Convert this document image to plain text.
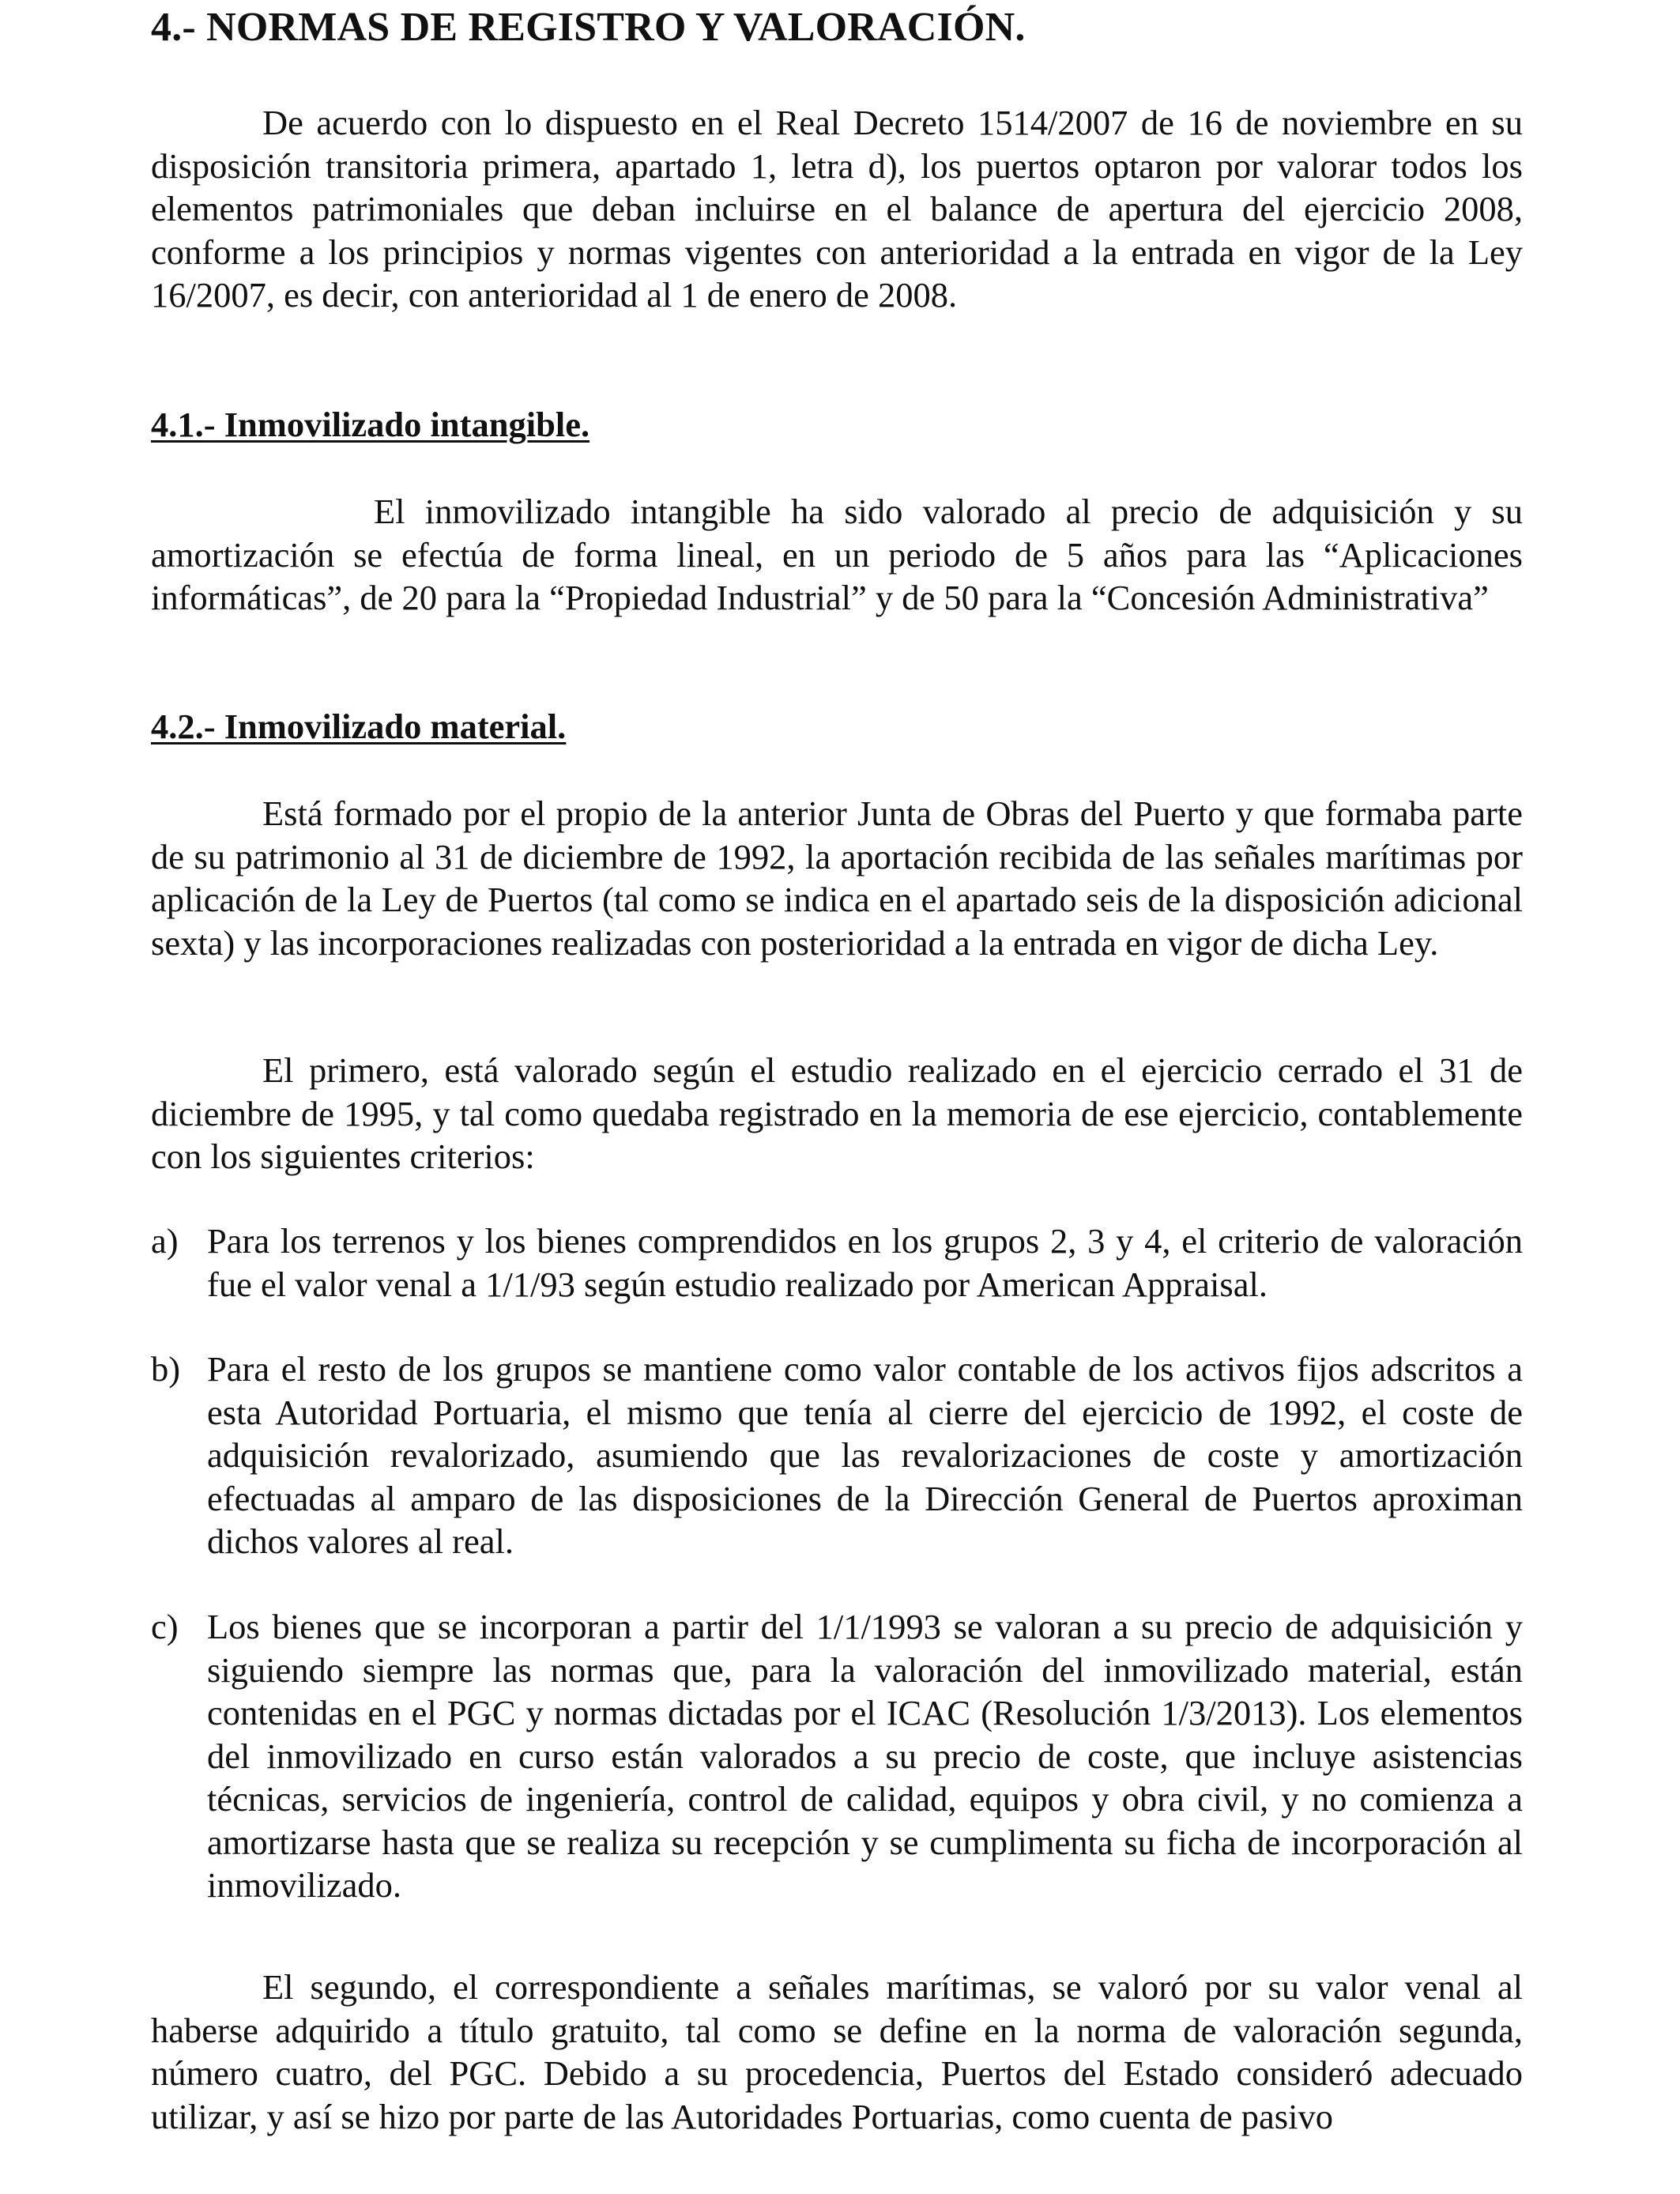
4.- NORMAS DE REGISTRO Y VALORACIÓN.

De acuerdo con lo dispuesto en el Real Decreto 1514/2007 de 16 de noviembre en su disposición transitoria primera, apartado 1, letra d), los puertos optaron por valorar todos los elementos patrimoniales que deban incluirse en el balance de apertura del ejercicio 2008, conforme a los principios y normas vigentes con anterioridad a la entrada en vigor de la Ley 16/2007, es decir, con anterioridad al 1 de enero de 2008.

4.1.- Inmovilizado intangible.

El inmovilizado intangible ha sido valorado al precio de adquisición y su amortización se efectúa de forma lineal, en un periodo de 5 años para las “Aplicaciones informáticas”, de 20 para la “Propiedad Industrial” y de 50 para la “Concesión Administrativa”

4.2.- Inmovilizado material.

Está formado por el propio de la anterior Junta de Obras del Puerto y que formaba parte de su patrimonio al 31 de diciembre de 1992, la aportación recibida de las señales marítimas por aplicación de la Ley de Puertos (tal como se indica en el apartado seis de la disposición adicional sexta) y las incorporaciones realizadas con posterioridad a la entrada en vigor de dicha Ley.

El primero, está valorado según el estudio realizado en el ejercicio cerrado el 31 de diciembre de 1995, y tal como quedaba registrado en la memoria de ese ejercicio, contablemente con los siguientes criterios:

a) Para los terrenos y los bienes comprendidos en los grupos 2, 3 y 4, el criterio de valoración fue el valor venal a 1/1/93 según estudio realizado por American Appraisal.

b) Para el resto de los grupos se mantiene como valor contable de los activos fijos adscritos a esta Autoridad Portuaria, el mismo que tenía al cierre del ejercicio de 1992, el coste de adquisición revalorizado, asumiendo que las revalorizaciones de coste y amortización efectuadas al amparo de las disposiciones de la Dirección General de Puertos aproximan dichos valores al real.

c) Los bienes que se incorporan a partir del 1/1/1993 se valoran a su precio de adquisición y siguiendo siempre las normas que, para la valoración del inmovilizado material, están contenidas en el PGC y normas dictadas por el ICAC (Resolución 1/3/2013). Los elementos del inmovilizado en curso están valorados a su precio de coste, que incluye asistencias técnicas, servicios de ingeniería, control de calidad, equipos y obra civil, y no comienza a amortizarse hasta que se realiza su recepción y se cumplimenta su ficha de incorporación al inmovilizado.

El segundo, el correspondiente a señales marítimas, se valoró por su valor venal al haberse adquirido a título gratuito, tal como se define en la norma de valoración segunda, número cuatro, del PGC. Debido a su procedencia, Puertos del Estado consideró adecuado utilizar, y así se hizo por parte de las Autoridades Portuarias, como cuenta de pasivo
